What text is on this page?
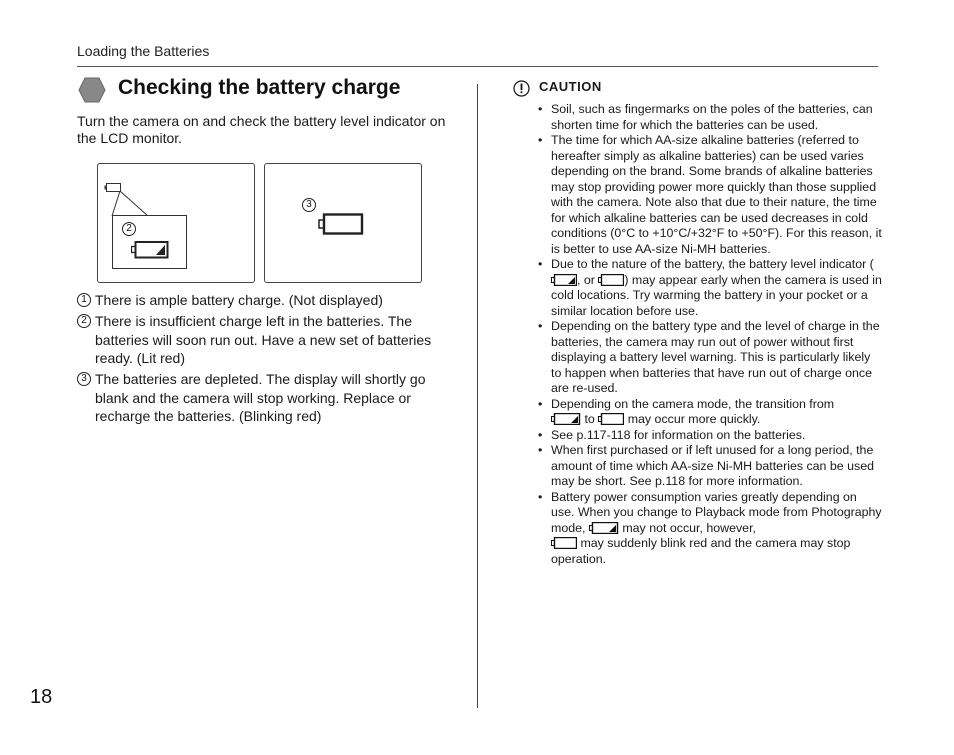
Loading the Batteries
18
Checking the battery charge
Turn the camera on and check the battery level indicator on the LCD monitor.
2
3
1 There is ample battery charge. (Not displayed)
2 There is insufficient charge left in the batteries. The batteries will soon run out. Have a new set of batteries ready. (Lit red)
3 The batteries are depleted. The display will shortly go blank and the camera will stop working. Replace or recharge the batteries. (Blinking red)
CAUTION
• Soil, such as fingermarks on the poles of the batteries, can shorten time for which the batteries can be used.
• The time for which AA-size alkaline batteries (referred to hereafter simply as alkaline batteries) can be used varies depending on the brand. Some brands of alkaline batteries may stop providing power more quickly than those supplied with the camera. Note also that due to their nature, the time for which alkaline batteries can be used decreases in cold conditions (0°C to +10°C/+32°F to +50°F). For this reason, it is better to use AA-size Ni-MH batteries.
• Due to the nature of the battery, the battery level indicator (, or ) may appear early when the camera is used in cold locations. Try warming the battery in your pocket or a similar location before use.
• Depending on the battery type and the level of charge in the batteries, the camera may run out of power without first displaying a battery level warning. This is particularly likely to happen when batteries that have run out of charge once are re-used.
• Depending on the camera mode, the transition from
to	may occur more quickly.
• See p.117-118 for information on the batteries.
• When first purchased or if left unused for a long period, the amount of time which AA-size Ni-MH batteries can be used may be short. See p.118 for more information.
• Battery power consumption varies greatly depending on use. When you change to Playback mode from Photography mode,	may not occur, however,
may suddenly blink red and the camera may stop operation.
